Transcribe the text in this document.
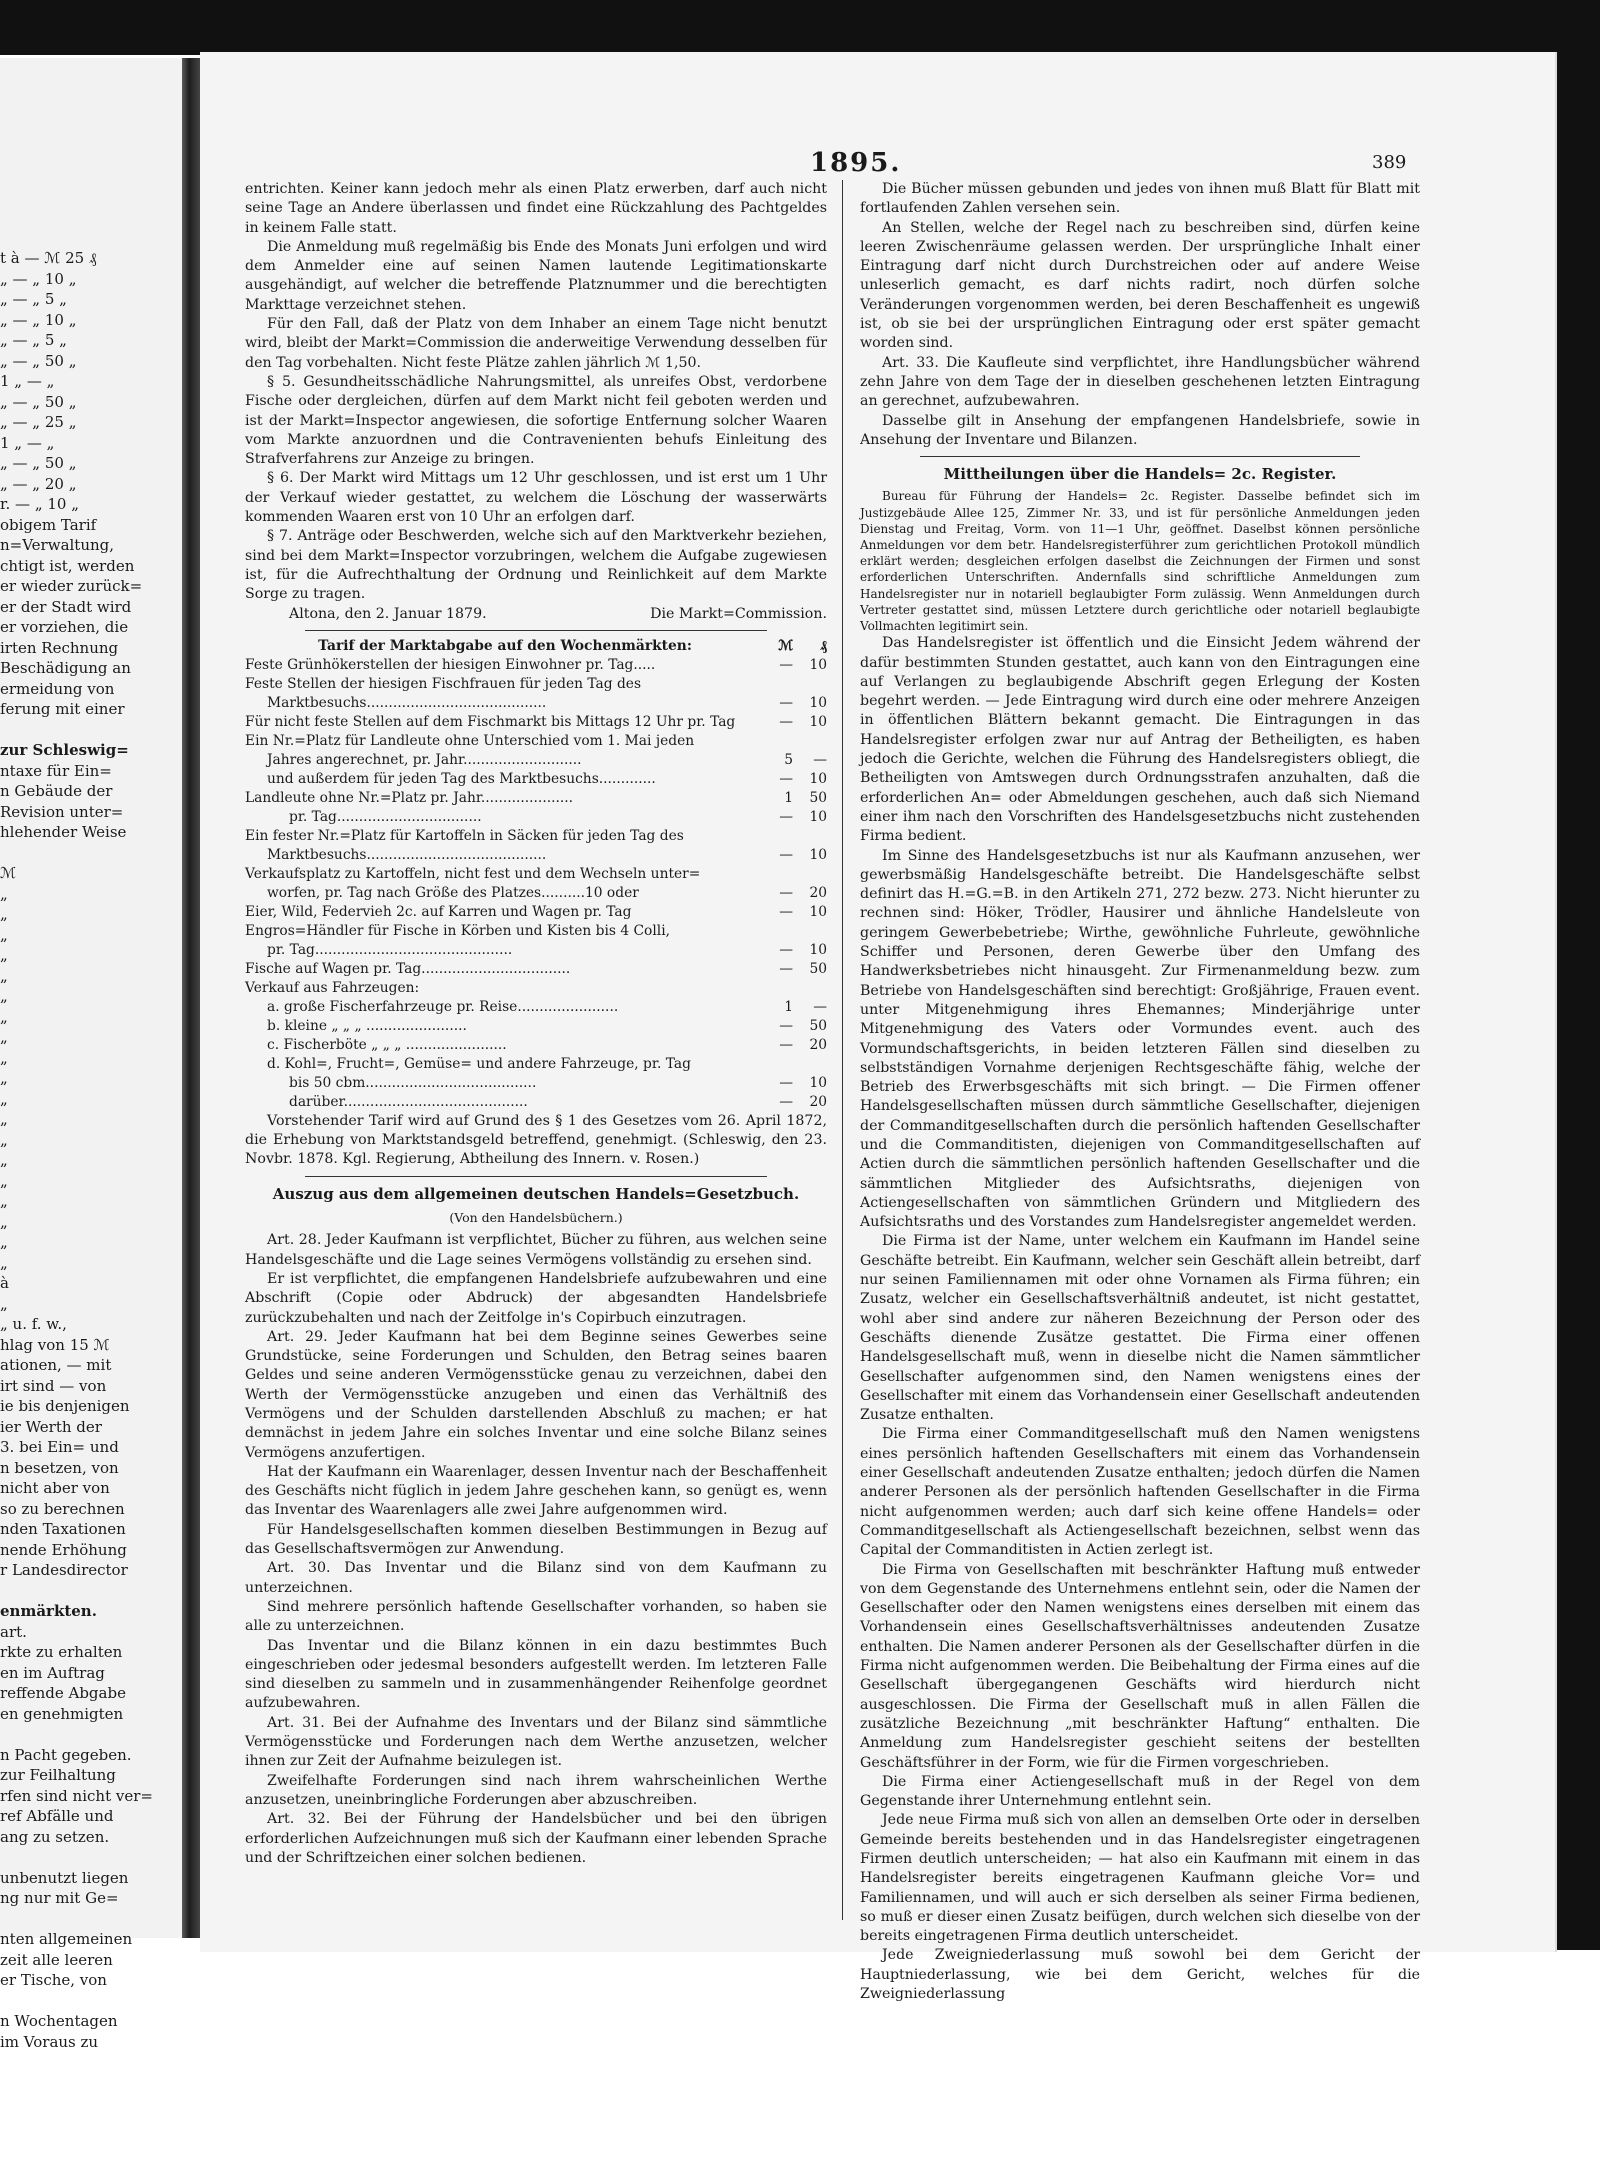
t à — ℳ 25 ₰
„ — „ 10 „
„ — „ 5 „
„ — „ 10 „
„ — „ 5 „
„ — „ 50 „
1 „ — „
„ — „ 50 „
„ — „ 25 „
1 „ — „
„ — „ 50 „
„ — „ 20 „
r. — „ 10 „
obigem Tarif
n=Verwaltung,
chtigt ist, werden
er wieder zurück=
er der Stadt wird
er vorziehen, die
irten Rechnung
Beschädigung an
ermeidung von
ferung mit einer
zur Schleswig=
ntaxe für Ein=
n Gebäude der
Revision unter=
hlehender Weise
ℳ
„
„
„
„
„
„
„
„
„
„
„
„
„
„
„
„
„
„
„
à
„
„ u. f. w.,
hlag von 15 ℳ
ationen, — mit
irt sind — von
ie bis denjenigen
ier Werth der
3. bei Ein= und
n besetzen, von
nicht aber von
so zu berechnen
nden Taxationen
nende Erhöhung
r Landesdirector
enmärkten.
art.
rkte zu erhalten
en im Auftrag
reffende Abgabe
en genehmigten
n Pacht gegeben.
zur Feilhaltung
rfen sind nicht ver=
ref Abfälle und
ang zu setzen.
unbenutzt liegen
ng nur mit Ge=
nten allgemeinen
zeit alle leeren
er Tische, von
n Wochentagen
im Voraus zu
1895.	389

entrichten. Keiner kann jedoch mehr als einen Platz erwerben, darf auch nicht seine Tage an Andere überlassen und findet eine Rückzahlung des Pachtgeldes in keinem Falle statt.

Die Anmeldung muß regelmäßig bis Ende des Monats Juni erfolgen und wird dem Anmelder eine auf seinen Namen lautende Legitimationskarte ausgehändigt, auf welcher die betreffende Platznummer und die berechtigten Markttage verzeichnet stehen.

Für den Fall, daß der Platz von dem Inhaber an einem Tage nicht benutzt wird, bleibt der Markt=Commission die anderweitige Verwendung desselben für den Tag vorbehalten. Nicht feste Plätze zahlen jährlich ℳ 1,50.

§ 5. Gesundheitsschädliche Nahrungsmittel, als unreifes Obst, verdorbene Fische oder dergleichen, dürfen auf dem Markt nicht feil geboten werden und ist der Markt=Inspector angewiesen, die sofortige Entfernung solcher Waaren vom Markte anzuordnen und die Contravenienten behufs Einleitung des Strafverfahrens zur Anzeige zu bringen.

§ 6. Der Markt wird Mittags um 12 Uhr geschlossen, und ist erst um 1 Uhr der Verkauf wieder gestattet, zu welchem die Löschung der wasserwärts kommenden Waaren erst von 10 Uhr an erfolgen darf.

§ 7. Anträge oder Beschwerden, welche sich auf den Marktverkehr beziehen, sind bei dem Markt=Inspector vorzubringen, welchem die Aufgabe zugewiesen ist, für die Aufrechthaltung der Ordnung und Reinlichkeit auf dem Markte Sorge zu tragen.

Altona, den 2. Januar 1879.	Die Markt=Commission.

Tarif der Marktabgabe auf den Wochenmärkten:	ℳ	₰
Feste Grünhökerstellen der hiesigen Einwohner pr. Tag.....	—	10
Feste Stellen der hiesigen Fischfrauen für jeden Tag des		
Marktbesuchs.........................................	—	10
Für nicht feste Stellen auf dem Fischmarkt bis Mittags 12 Uhr pr. Tag	—	10
Ein Nr.=Platz für Landleute ohne Unterschied vom 1. Mai jeden		
Jahres angerechnet, pr. Jahr...........................	5	—
und außerdem für jeden Tag des Marktbesuchs.............	—	10
Landleute ohne Nr.=Platz pr. Jahr.....................	1	50
pr. Tag.................................	—	10
Ein fester Nr.=Platz für Kartoffeln in Säcken für jeden Tag des		
Marktbesuchs.........................................	—	10
Verkaufsplatz zu Kartoffeln, nicht fest und dem Wechseln unter=		
worfen, pr. Tag nach Größe des Platzes..........10 oder	—	20
Eier, Wild, Federvieh 2c. auf Karren und Wagen pr. Tag	—	10
Engros=Händler für Fische in Körben und Kisten bis 4 Colli,		
pr. Tag.............................................	—	10
Fische auf Wagen pr. Tag..................................	—	50
Verkauf aus Fahrzeugen:		
a. große Fischerfahrzeuge pr. Reise.......................	1	—
b. kleine „ „ „ .......................	—	50
c. Fischerböte „ „ „ .......................	—	20
d. Kohl=, Frucht=, Gemüse= und andere Fahrzeuge, pr. Tag		
bis 50 cbm.......................................	—	10
darüber..........................................	—	20

Vorstehender Tarif wird auf Grund des § 1 des Gesetzes vom 26. April 1872, die Erhebung von Marktstandsgeld betreffend, genehmigt. (Schleswig, den 23. Novbr. 1878. Kgl. Regierung, Abtheilung des Innern. v. Rosen.)

Auszug aus dem allgemeinen deutschen Handels=Gesetzbuch.
(Von den Handelsbüchern.)

Art. 28. Jeder Kaufmann ist verpflichtet, Bücher zu führen, aus welchen seine Handelsgeschäfte und die Lage seines Vermögens vollständig zu ersehen sind.

Er ist verpflichtet, die empfangenen Handelsbriefe aufzubewahren und eine Abschrift (Copie oder Abdruck) der abgesandten Handelsbriefe zurückzubehalten und nach der Zeitfolge in's Copirbuch einzutragen.

Art. 29. Jeder Kaufmann hat bei dem Beginne seines Gewerbes seine Grundstücke, seine Forderungen und Schulden, den Betrag seines baaren Geldes und seine anderen Vermögensstücke genau zu verzeichnen, dabei den Werth der Vermögensstücke anzugeben und einen das Verhältniß des Vermögens und der Schulden darstellenden Abschluß zu machen; er hat demnächst in jedem Jahre ein solches Inventar und eine solche Bilanz seines Vermögens anzufertigen.

Hat der Kaufmann ein Waarenlager, dessen Inventur nach der Beschaffenheit des Geschäfts nicht füglich in jedem Jahre geschehen kann, so genügt es, wenn das Inventar des Waarenlagers alle zwei Jahre aufgenommen wird.

Für Handelsgesellschaften kommen dieselben Bestimmungen in Bezug auf das Gesellschaftsvermögen zur Anwendung.

Art. 30. Das Inventar und die Bilanz sind von dem Kaufmann zu unterzeichnen.

Sind mehrere persönlich haftende Gesellschafter vorhanden, so haben sie alle zu unterzeichnen.

Das Inventar und die Bilanz können in ein dazu bestimmtes Buch eingeschrieben oder jedesmal besonders aufgestellt werden. Im letzteren Falle sind dieselben zu sammeln und in zusammenhängender Reihenfolge geordnet aufzubewahren.

Art. 31. Bei der Aufnahme des Inventars und der Bilanz sind sämmtliche Vermögensstücke und Forderungen nach dem Werthe anzusetzen, welcher ihnen zur Zeit der Aufnahme beizulegen ist.

Zweifelhafte Forderungen sind nach ihrem wahrscheinlichen Werthe anzusetzen, uneinbringliche Forderungen aber abzuschreiben.

Art. 32. Bei der Führung der Handelsbücher und bei den übrigen erforderlichen Aufzeichnungen muß sich der Kaufmann einer lebenden Sprache und der Schriftzeichen einer solchen bedienen.

Die Bücher müssen gebunden und jedes von ihnen muß Blatt für Blatt mit fortlaufenden Zahlen versehen sein.

An Stellen, welche der Regel nach zu beschreiben sind, dürfen keine leeren Zwischenräume gelassen werden. Der ursprüngliche Inhalt einer Eintragung darf nicht durch Durchstreichen oder auf andere Weise unleserlich gemacht, es darf nichts radirt, noch dürfen solche Veränderungen vorgenommen werden, bei deren Beschaffenheit es ungewiß ist, ob sie bei der ursprünglichen Eintragung oder erst später gemacht worden sind.

Art. 33. Die Kaufleute sind verpflichtet, ihre Handlungsbücher während zehn Jahre von dem Tage der in dieselben geschehenen letzten Eintragung an gerechnet, aufzubewahren.

Dasselbe gilt in Ansehung der empfangenen Handelsbriefe, sowie in Ansehung der Inventare und Bilanzen.

Mittheilungen über die Handels= 2c. Register.

Bureau für Führung der Handels= 2c. Register. Dasselbe befindet sich im Justizgebäude Allee 125, Zimmer Nr. 33, und ist für persönliche Anmeldungen jeden Dienstag und Freitag, Vorm. von 11—1 Uhr, geöffnet. Daselbst können persönliche Anmeldungen vor dem betr. Handelsregisterführer zum gerichtlichen Protokoll mündlich erklärt werden; desgleichen erfolgen daselbst die Zeichnungen der Firmen und sonst erforderlichen Unterschriften. Andernfalls sind schriftliche Anmeldungen zum Handelsregister nur in notariell beglaubigter Form zulässig. Wenn Anmeldungen durch Vertreter gestattet sind, müssen Letztere durch gerichtliche oder notariell beglaubigte Vollmachten legitimirt sein.

Das Handelsregister ist öffentlich und die Einsicht Jedem während der dafür bestimmten Stunden gestattet, auch kann von den Eintragungen eine auf Verlangen zu beglaubigende Abschrift gegen Erlegung der Kosten begehrt werden. — Jede Eintragung wird durch eine oder mehrere Anzeigen in öffentlichen Blättern bekannt gemacht. Die Eintragungen in das Handelsregister erfolgen zwar nur auf Antrag der Betheiligten, es haben jedoch die Gerichte, welchen die Führung des Handelsregisters obliegt, die Betheiligten von Amtswegen durch Ordnungsstrafen anzuhalten, daß die erforderlichen An= oder Abmeldungen geschehen, auch daß sich Niemand einer ihm nach den Vorschriften des Handelsgesetzbuchs nicht zustehenden Firma bedient.

Im Sinne des Handelsgesetzbuchs ist nur als Kaufmann anzusehen, wer gewerbsmäßig Handelsgeschäfte betreibt. Die Handelsgeschäfte selbst definirt das H.=G.=B. in den Artikeln 271, 272 bezw. 273. Nicht hierunter zu rechnen sind: Höker, Trödler, Hausirer und ähnliche Handelsleute von geringem Gewerbebetriebe; Wirthe, gewöhnliche Fuhrleute, gewöhnliche Schiffer und Personen, deren Gewerbe über den Umfang des Handwerksbetriebes nicht hinausgeht. Zur Firmenanmeldung bezw. zum Betriebe von Handelsgeschäften sind berechtigt: Großjährige, Frauen event. unter Mitgenehmigung ihres Ehemannes; Minderjährige unter Mitgenehmigung des Vaters oder Vormundes event. auch des Vormundschaftsgerichts, in beiden letzteren Fällen sind dieselben zu selbstständigen Vornahme derjenigen Rechtsgeschäfte fähig, welche der Betrieb des Erwerbsgeschäfts mit sich bringt. — Die Firmen offener Handelsgesellschaften müssen durch sämmtliche Gesellschafter, diejenigen der Commanditgesellschaften durch die persönlich haftenden Gesellschafter und die Commanditisten, diejenigen von Commanditgesellschaften auf Actien durch die sämmtlichen persönlich haftenden Gesellschafter und die sämmtlichen Mitglieder des Aufsichtsraths, diejenigen von Actiengesellschaften von sämmtlichen Gründern und Mitgliedern des Aufsichtsraths und des Vorstandes zum Handelsregister angemeldet werden.

Die Firma ist der Name, unter welchem ein Kaufmann im Handel seine Geschäfte betreibt. Ein Kaufmann, welcher sein Geschäft allein betreibt, darf nur seinen Familiennamen mit oder ohne Vornamen als Firma führen; ein Zusatz, welcher ein Gesellschaftsverhältniß andeutet, ist nicht gestattet, wohl aber sind andere zur näheren Bezeichnung der Person oder des Geschäfts dienende Zusätze gestattet. Die Firma einer offenen Handelsgesellschaft muß, wenn in dieselbe nicht die Namen sämmtlicher Gesellschafter aufgenommen sind, den Namen wenigstens eines der Gesellschafter mit einem das Vorhandensein einer Gesellschaft andeutenden Zusatze enthalten.

Die Firma einer Commanditgesellschaft muß den Namen wenigstens eines persönlich haftenden Gesellschafters mit einem das Vorhandensein einer Gesellschaft andeutenden Zusatze enthalten; jedoch dürfen die Namen anderer Personen als der persönlich haftenden Gesellschafter in die Firma nicht aufgenommen werden; auch darf sich keine offene Handels= oder Commanditgesellschaft als Actiengesellschaft bezeichnen, selbst wenn das Capital der Commanditisten in Actien zerlegt ist.

Die Firma von Gesellschaften mit beschränkter Haftung muß entweder von dem Gegenstande des Unternehmens entlehnt sein, oder die Namen der Gesellschafter oder den Namen wenigstens eines derselben mit einem das Vorhandensein eines Gesellschaftsverhältnisses andeutenden Zusatze enthalten. Die Namen anderer Personen als der Gesellschafter dürfen in die Firma nicht aufgenommen werden. Die Beibehaltung der Firma eines auf die Gesellschaft übergegangenen Geschäfts wird hierdurch nicht ausgeschlossen. Die Firma der Gesellschaft muß in allen Fällen die zusätzliche Bezeichnung „mit beschränkter Haftung“ enthalten. Die Anmeldung zum Handelsregister geschieht seitens der bestellten Geschäftsführer in der Form, wie für die Firmen vorgeschrieben.

Die Firma einer Actiengesellschaft muß in der Regel von dem Gegenstande ihrer Unternehmung entlehnt sein.

Jede neue Firma muß sich von allen an demselben Orte oder in derselben Gemeinde bereits bestehenden und in das Handelsregister eingetragenen Firmen deutlich unterscheiden; — hat also ein Kaufmann mit einem in das Handelsregister bereits eingetragenen Kaufmann gleiche Vor= und Familiennamen, und will auch er sich derselben als seiner Firma bedienen, so muß er dieser einen Zusatz beifügen, durch welchen sich dieselbe von der bereits eingetragenen Firma deutlich unterscheidet.

Jede Zweigniederlassung muß sowohl bei dem Gericht der Hauptniederlassung, wie bei dem Gericht, welches für die Zweigniederlassung
